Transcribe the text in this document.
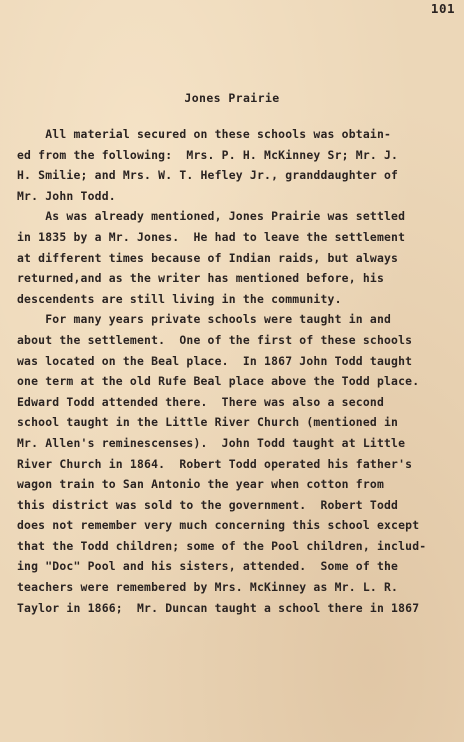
101
Jones Prairie
All material secured on these schools was obtain-
ed from the following:  Mrs. P. H. McKinney Sr; Mr. J.
H. Smilie; and Mrs. W. T. Hefley Jr., granddaughter of
Mr. John Todd.
As was already mentioned, Jones Prairie was settled
in 1835 by a Mr. Jones.  He had to leave the settlement
at different times because of Indian raids, but always
returned,and as the writer has mentioned before, his
descendents are still living in the community.
For many years private schools were taught in and
about the settlement.  One of the first of these schools
was located on the Beal place.  In 1867 John Todd taught
one term at the old Rufe Beal place above the Todd place.
Edward Todd attended there.  There was also a second
school taught in the Little River Church (mentioned in
Mr. Allen's reminescenses).  John Todd taught at Little
River Church in 1864.  Robert Todd operated his father's
wagon train to San Antonio the year when cotton from
this district was sold to the government.  Robert Todd
does not remember very much concerning this school except
that the Todd children; some of the Pool children, includ-
ing "Doc" Pool and his sisters, attended.  Some of the
teachers were remembered by Mrs. McKinney as Mr. L. R.
Taylor in 1866;  Mr. Duncan taught a school there in 1867
